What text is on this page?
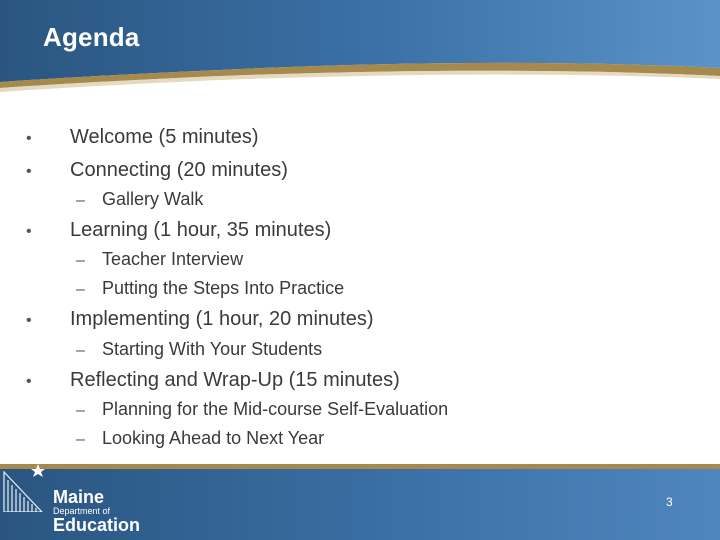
Agenda
• Welcome (5 minutes)
• Connecting (20 minutes)
– Gallery Walk
• Learning (1 hour, 35 minutes)
– Teacher Interview
– Putting the Steps Into Practice
• Implementing (1 hour, 20 minutes)
– Starting With Your Students
• Reflecting and Wrap-Up (15 minutes)
– Planning for the Mid-course Self-Evaluation
– Looking Ahead to Next Year
Maine
Department of
Education
3
